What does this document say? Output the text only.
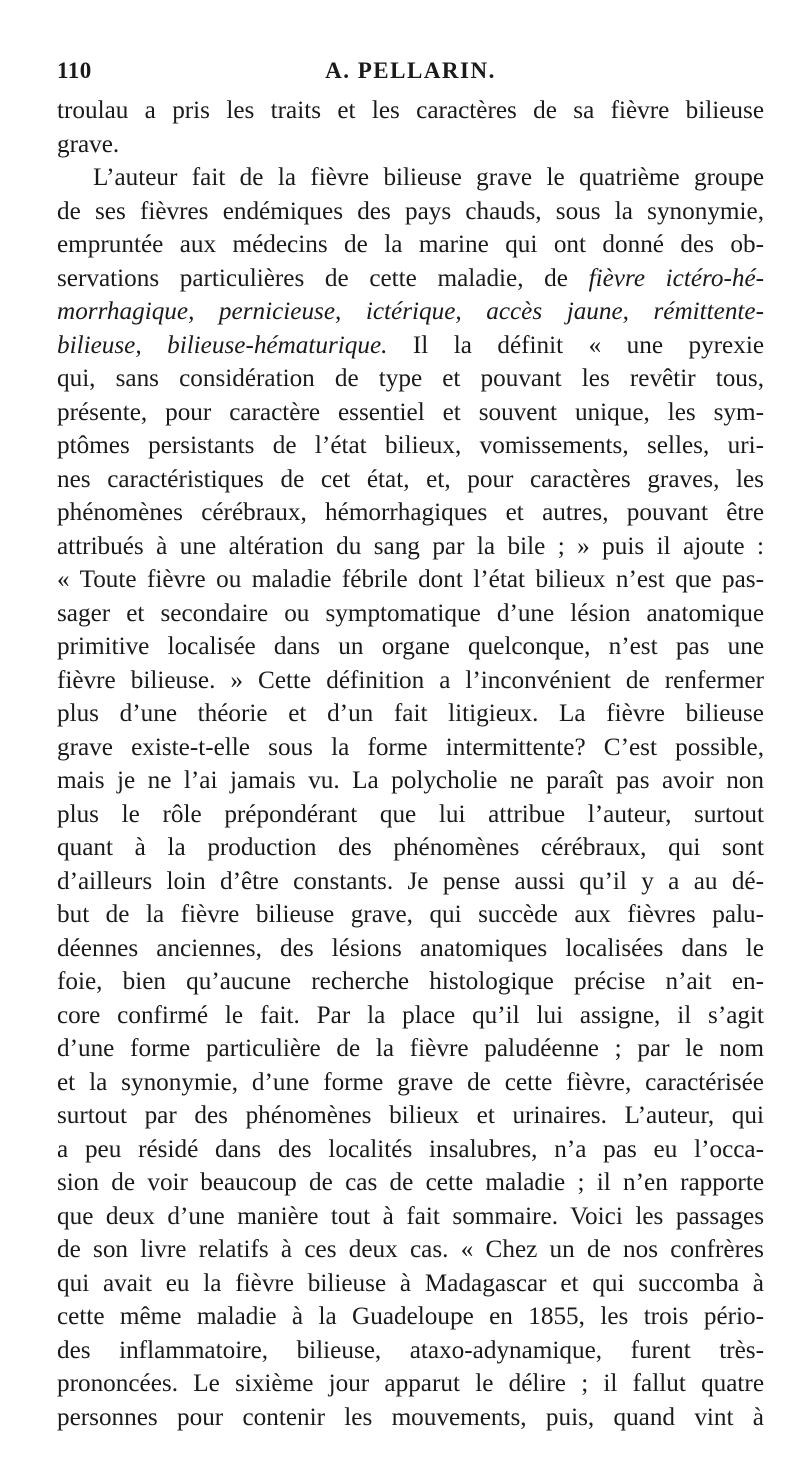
110	A. PELLARIN.
troulau a pris les traits et les caractères de sa fièvre bilieuse
grave.
L’auteur fait de la fièvre bilieuse grave le quatrième groupe
de ses fièvres endémiques des pays chauds, sous la synonymie,
empruntée aux médecins de la marine qui ont donné des ob-
servations particulières de cette maladie, de fièvre ictéro-hé-
morrhagique, pernicieuse, ictérique, accès jaune, rémittente-
bilieuse, bilieuse-hématurique. Il la définit « une pyrexie
qui, sans considération de type et pouvant les revêtir tous,
présente, pour caractère essentiel et souvent unique, les sym-
ptômes persistants de l’état bilieux, vomissements, selles, uri-
nes caractéristiques de cet état, et, pour caractères graves, les
phénomènes cérébraux, hémorrhagiques et autres, pouvant être
attribués à une altération du sang par la bile ; » puis il ajoute :
« Toute fièvre ou maladie fébrile dont l’état bilieux n’est que pas-
sager et secondaire ou symptomatique d’une lésion anatomique
primitive localisée dans un organe quelconque, n’est pas une
fièvre bilieuse. » Cette définition a l’inconvénient de renfermer
plus d’une théorie et d’un fait litigieux. La fièvre bilieuse
grave existe-t-elle sous la forme intermittente? C’est possible,
mais je ne l’ai jamais vu. La polycholie ne paraît pas avoir non
plus le rôle prépondérant que lui attribue l’auteur, surtout
quant à la production des phénomènes cérébraux, qui sont
d’ailleurs loin d’être constants. Je pense aussi qu’il y a au dé-
but de la fièvre bilieuse grave, qui succède aux fièvres palu-
déennes anciennes, des lésions anatomiques localisées dans le
foie, bien qu’aucune recherche histologique précise n’ait en-
core confirmé le fait. Par la place qu’il lui assigne, il s’agit
d’une forme particulière de la fièvre paludéenne ; par le nom
et la synonymie, d’une forme grave de cette fièvre, caractérisée
surtout par des phénomènes bilieux et urinaires. L’auteur, qui
a peu résidé dans des localités insalubres, n’a pas eu l’occa-
sion de voir beaucoup de cas de cette maladie ; il n’en rapporte
que deux d’une manière tout à fait sommaire. Voici les passages
de son livre relatifs à ces deux cas. « Chez un de nos confrères
qui avait eu la fièvre bilieuse à Madagascar et qui succomba à
cette même maladie à la Guadeloupe en 1855, les trois pério-
des inflammatoire, bilieuse, ataxo-adynamique, furent très-
prononcées. Le sixième jour apparut le délire ; il fallut quatre
personnes pour contenir les mouvements, puis, quand vint à
